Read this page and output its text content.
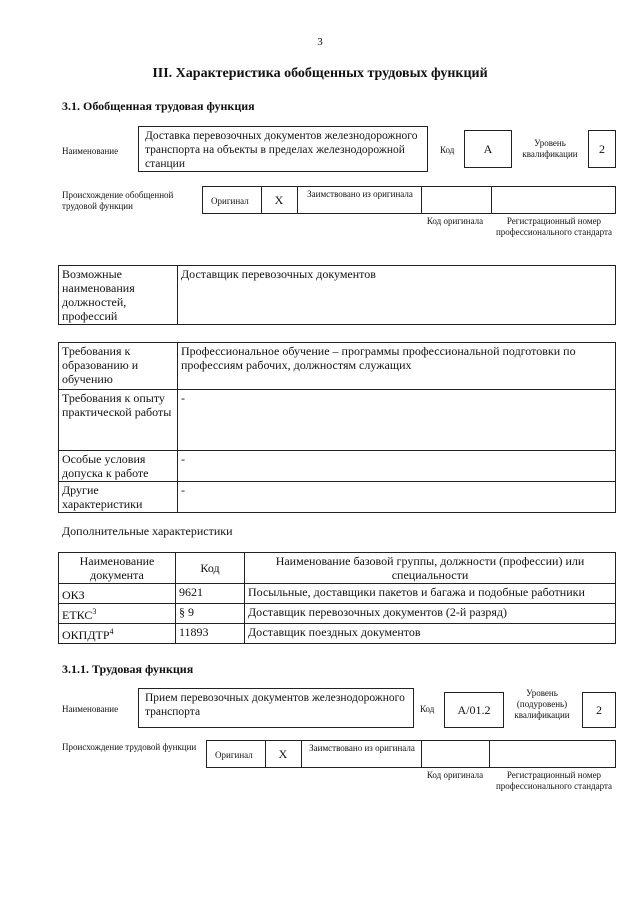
3
III. Характеристика обобщенных трудовых функций
3.1. Обобщенная трудовая функция
Наименование
Доставка перевозочных документов железнодорожного транспорта на объекты в пределах железнодорожной станции
Код	А	Уровень квалификации	2
Происхождение обобщенной трудовой функции	Оригинал	Х	Заимствовано из оригинала
Код оригинала	Регистрационный номер профессионального стандарта
Возможные наименования должностей, профессий	Доставщик перевозочных документов
Требования к образованию и обучению	Профессиональное обучение – программы профессиональной подготовки по профессиям рабочих, должностям служащих
Требования к опыту практической работы	-
Особые условия допуска к работе	-
Другие характеристики	-
Дополнительные характеристики
Наименование документа	Код	Наименование базовой группы, должности (профессии) или специальности
ОКЗ	9621	Посыльные, доставщики пакетов и багажа и подобные работники
ЕТКС$^3$	§ 9	Доставщик перевозочных документов (2-й разряд)
ОКПДТР$^4$	11893	Доставщик поездных документов
3.1.1. Трудовая функция
Наименование
Прием перевозочных документов железнодорожного транспорта	Код	А/01.2
Уровень (подуровень) квалификации	2
Происхождение трудовой функции
Оригинал	Х	Заимствовано из оригинала
Код оригинала	Регистрационный номер профессионального стандарта
